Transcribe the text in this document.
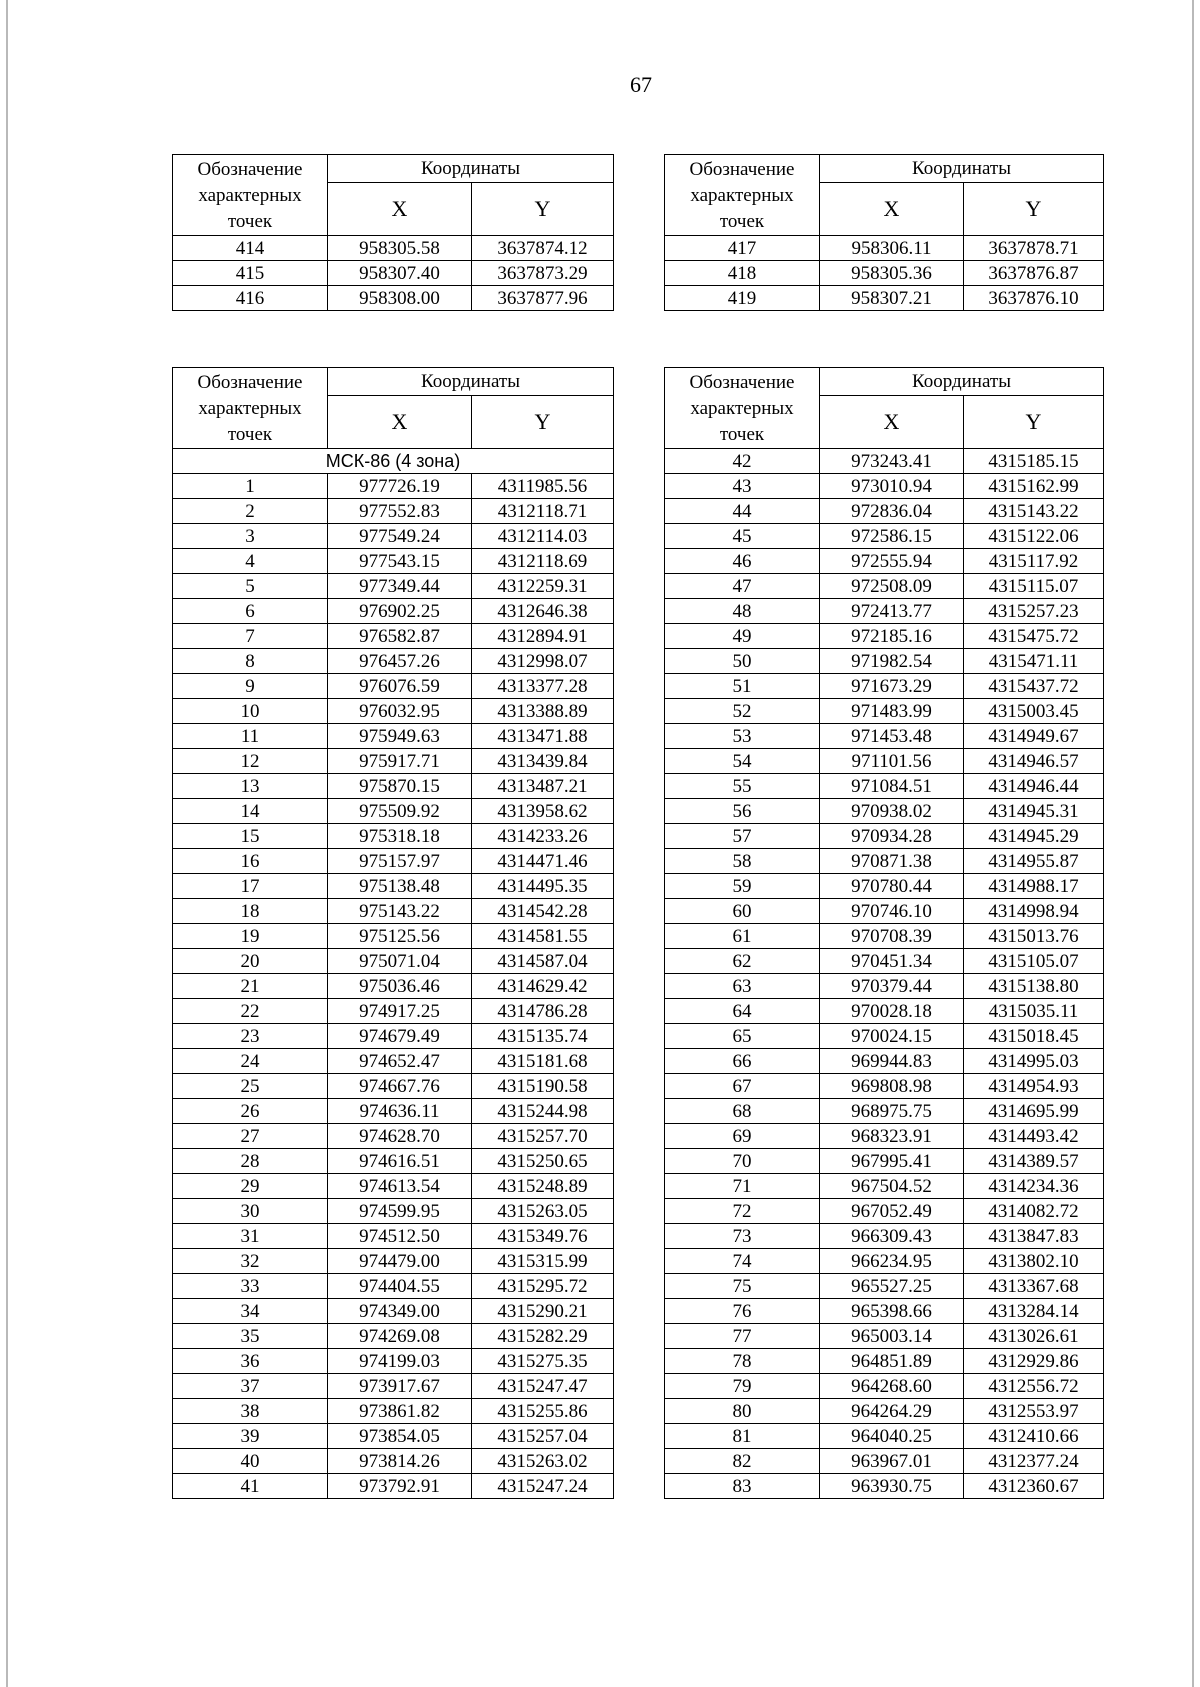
67
Обозначение
характерных
точек	Координаты	
	X	Y
414	958305.58	3637874.12
415	958307.40	3637873.29
416	958308.00	3637877.96
Обозначение
характерных
точек	Координаты	
	X	Y
417	958306.11	3637878.71
418	958305.36	3637876.87
419	958307.21	3637876.10
Обозначение
характерных
точек	Координаты	
	X	Y
МСК-86 (4 зона)		
1	977726.19	4311985.56
2	977552.83	4312118.71
3	977549.24	4312114.03
4	977543.15	4312118.69
5	977349.44	4312259.31
6	976902.25	4312646.38
7	976582.87	4312894.91
8	976457.26	4312998.07
9	976076.59	4313377.28
10	976032.95	4313388.89
11	975949.63	4313471.88
12	975917.71	4313439.84
13	975870.15	4313487.21
14	975509.92	4313958.62
15	975318.18	4314233.26
16	975157.97	4314471.46
17	975138.48	4314495.35
18	975143.22	4314542.28
19	975125.56	4314581.55
20	975071.04	4314587.04
21	975036.46	4314629.42
22	974917.25	4314786.28
23	974679.49	4315135.74
24	974652.47	4315181.68
25	974667.76	4315190.58
26	974636.11	4315244.98
27	974628.70	4315257.70
28	974616.51	4315250.65
29	974613.54	4315248.89
30	974599.95	4315263.05
31	974512.50	4315349.76
32	974479.00	4315315.99
33	974404.55	4315295.72
34	974349.00	4315290.21
35	974269.08	4315282.29
36	974199.03	4315275.35
37	973917.67	4315247.47
38	973861.82	4315255.86
39	973854.05	4315257.04
40	973814.26	4315263.02
41	973792.91	4315247.24
Обозначение
характерных
точек	Координаты	
	X	Y
42	973243.41	4315185.15
43	973010.94	4315162.99
44	972836.04	4315143.22
45	972586.15	4315122.06
46	972555.94	4315117.92
47	972508.09	4315115.07
48	972413.77	4315257.23
49	972185.16	4315475.72
50	971982.54	4315471.11
51	971673.29	4315437.72
52	971483.99	4315003.45
53	971453.48	4314949.67
54	971101.56	4314946.57
55	971084.51	4314946.44
56	970938.02	4314945.31
57	970934.28	4314945.29
58	970871.38	4314955.87
59	970780.44	4314988.17
60	970746.10	4314998.94
61	970708.39	4315013.76
62	970451.34	4315105.07
63	970379.44	4315138.80
64	970028.18	4315035.11
65	970024.15	4315018.45
66	969944.83	4314995.03
67	969808.98	4314954.93
68	968975.75	4314695.99
69	968323.91	4314493.42
70	967995.41	4314389.57
71	967504.52	4314234.36
72	967052.49	4314082.72
73	966309.43	4313847.83
74	966234.95	4313802.10
75	965527.25	4313367.68
76	965398.66	4313284.14
77	965003.14	4313026.61
78	964851.89	4312929.86
79	964268.60	4312556.72
80	964264.29	4312553.97
81	964040.25	4312410.66
82	963967.01	4312377.24
83	963930.75	4312360.67
